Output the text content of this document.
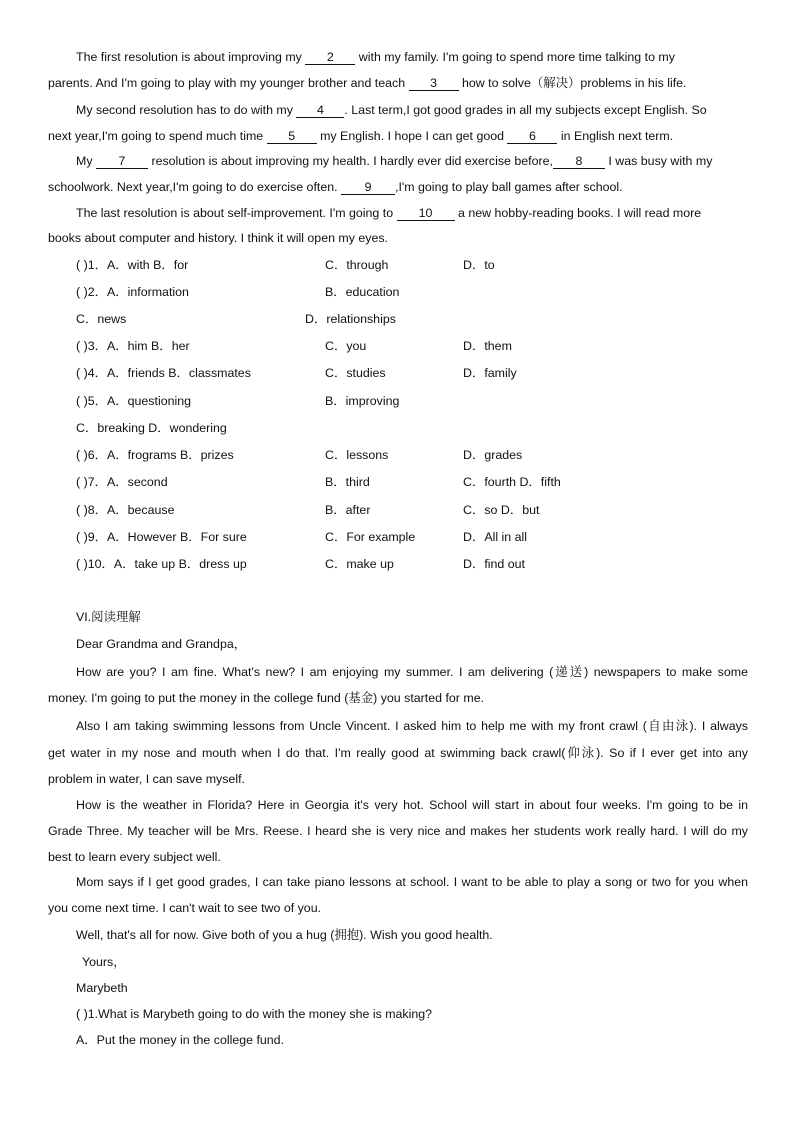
The first resolution is about improving my 2 with my family. I'm going to spend more time talking to my
parents. And I'm going to play with my younger brother and teach 3 how to solve（解决）problems in his life.
My second resolution has to do with my 4 . Last term,I got good grades in all my subjects except English. So
next year,I'm going to spend much time 5 my English. I hope I can get good 6 in English next term.
My 7 resolution is about improving my health. I hardly ever did exercise before, 8 I was busy with my
schoolwork. Next year,I'm going to do exercise often. 9 ,I'm going to play ball games after school.
The last resolution is about self-improvement. I'm going to 10 a new hobby-reading books. I will read more
books about computer and history. I think it will open my eyes.
( )1．A．with B．for	C．through	D．to
( )2．A．information	B．education
C．news	D．relationships
( )3．A．him B．her	C．you	D．them
( )4．A．friends B．classmates	C．studies	D．family
( )5．A．questioning	B．improving
C．breaking D．wondering
( )6．A．frograms B．prizes	C．lessons	D．grades
( )7．A．second	B．third	C．fourth D．fifth
( )8．A．because	B．after	C．so D．but
( )9．A．However B．For sure	C．For example	D．All in all
( )10．A．take up B．dress up	C．make up	D．find out
VI.阅读理解
Dear Grandma and Grandpa，
How are you? I am fine. What's new? I am enjoying my summer. I am delivering (递送) newspapers to make some
money. I'm going to put the money in the college fund (基金) you started for me.
Also I am taking swimming lessons from Uncle Vincent. I asked him to help me with my front crawl (自由泳). I always
get water in my nose and mouth when I do that. I'm really good at swimming back crawl(仰泳). So if I ever get into any
problem in water, I can save myself.
How is the weather in Florida? Here in Georgia it's very hot. School will start in about four weeks. I'm going to be in
Grade Three. My teacher will be Mrs. Reese. I heard she is very nice and makes her students work really hard. I will do my
best to learn every subject well.
Mom says if I get good grades, I can take piano lessons at school. I want to be able to play a song or two for you when
you come next time. I can't wait to see two of you.
Well, that's all for now. Give both of you a hug (拥抱). Wish you good health.
Yours，
Marybeth
( )1.What is Marybeth going to do with the money she is making?
A．Put the money in the college fund.
